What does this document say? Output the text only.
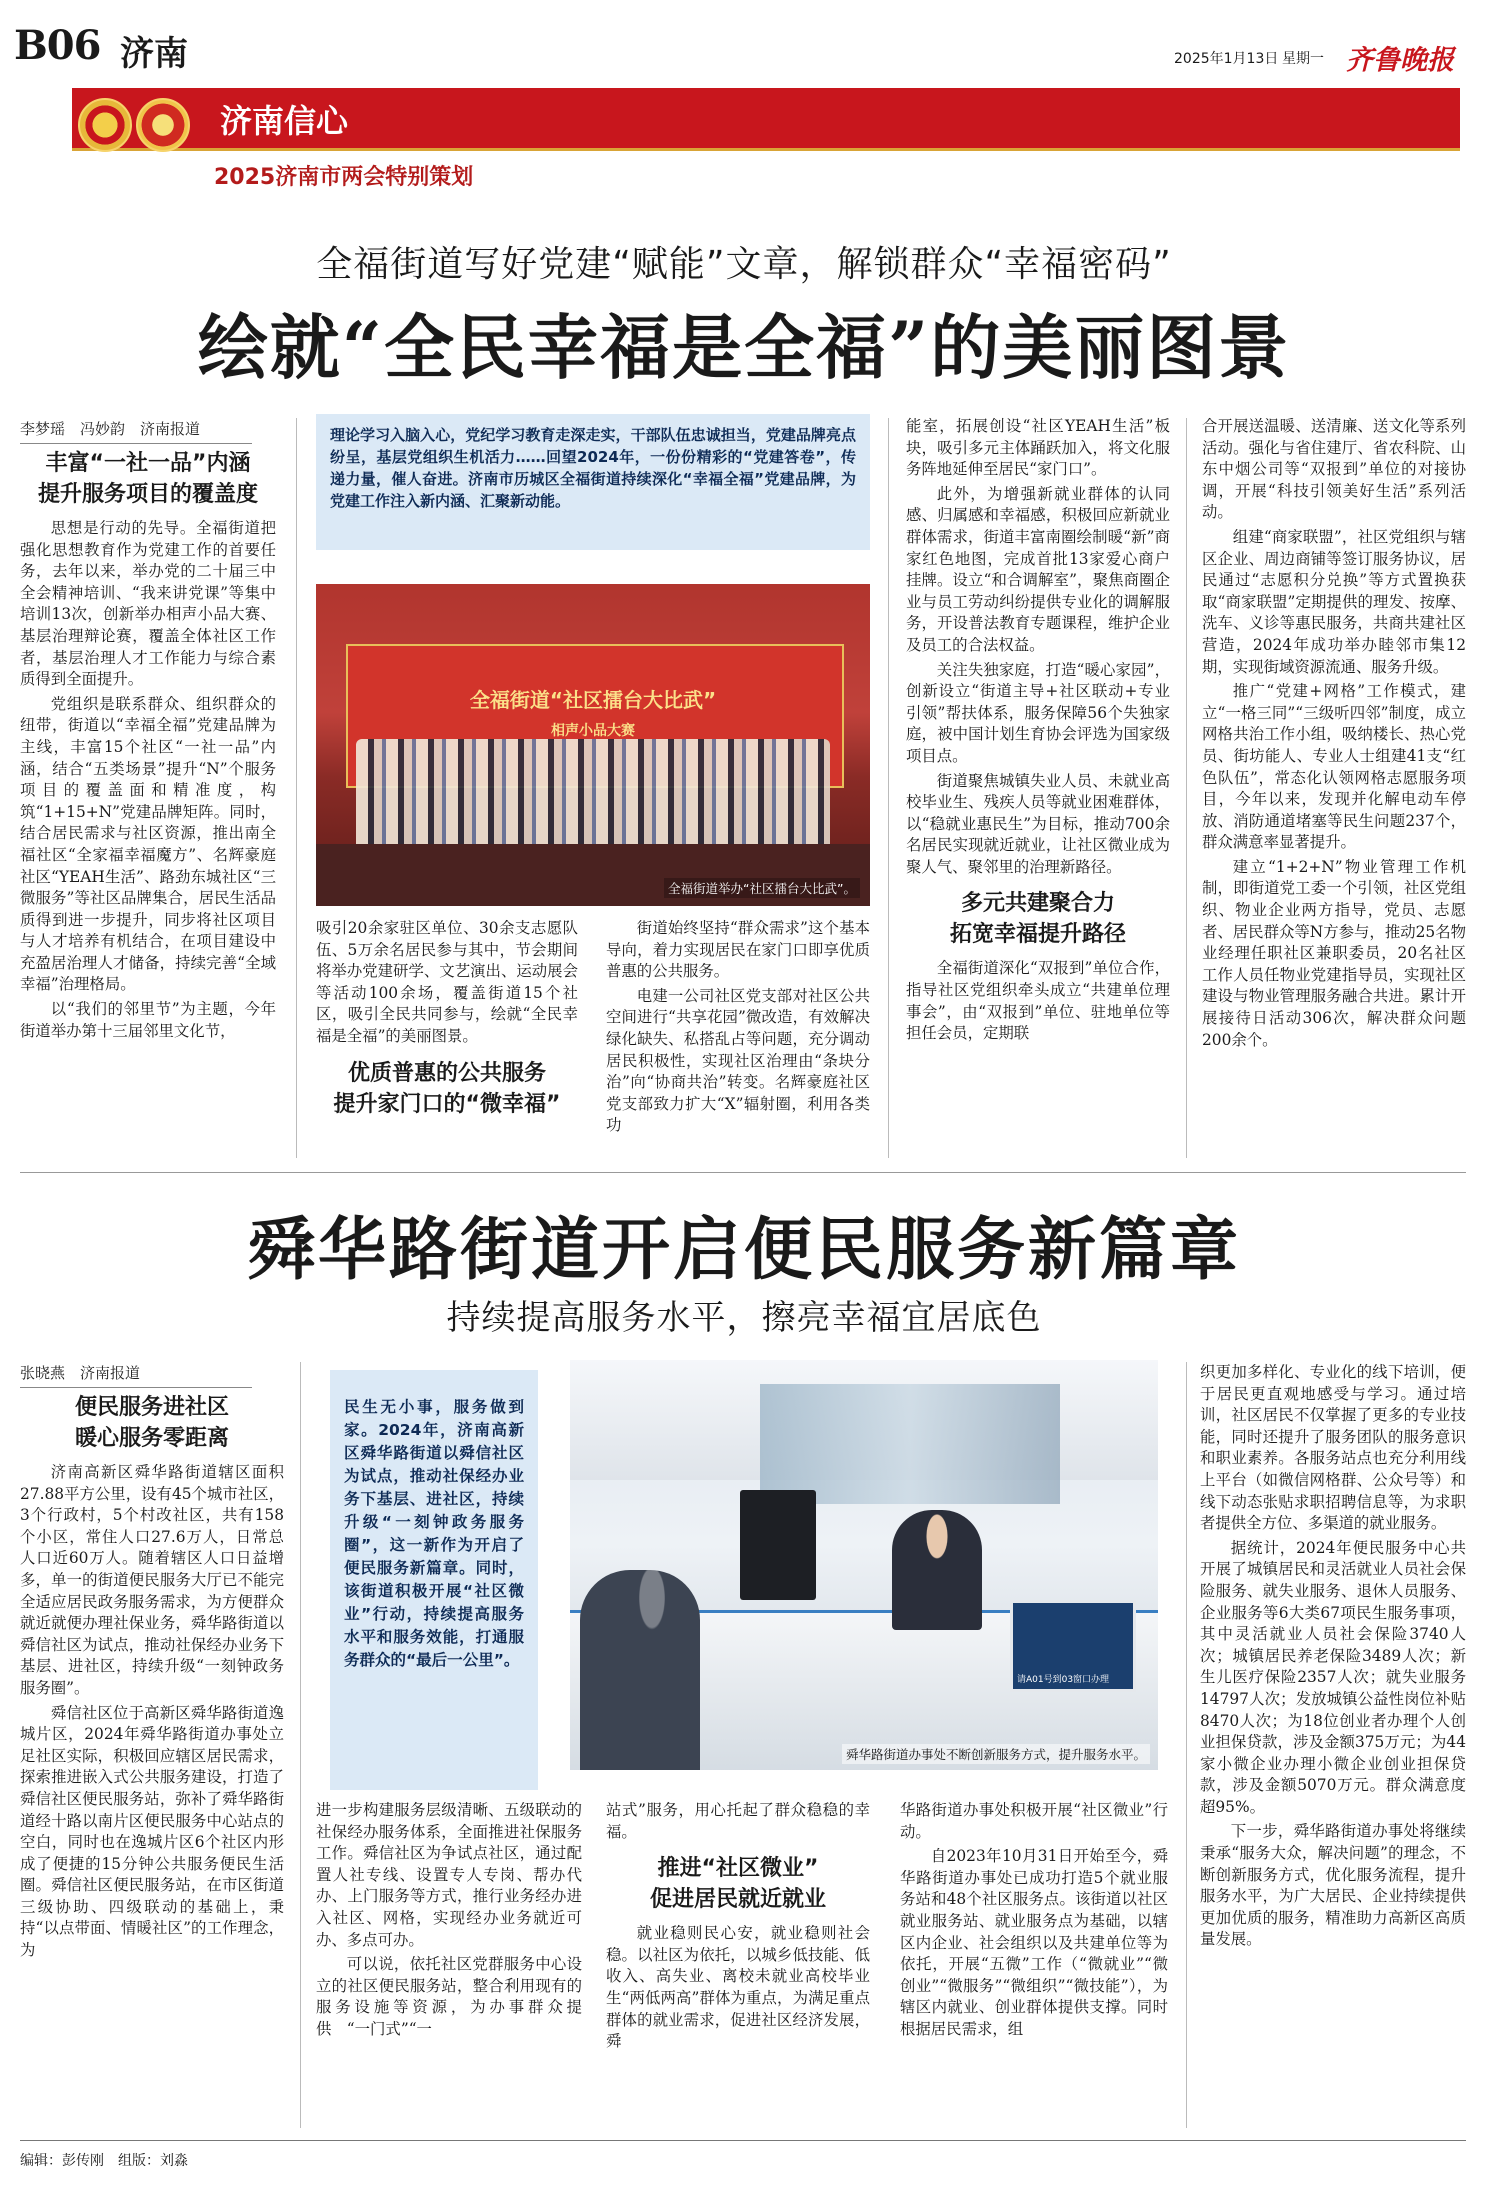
B06 济南	2025年1月13日 星期一 齐鲁晚报
济南信心
2025济南市两会特别策划
全福街道写好党建“赋能”文章，解锁群众“幸福密码”
绘就“全民幸福是全福”的美丽图景
李梦瑶　冯妙韵　济南报道	理论学习入脑入心，党纪学习教育走深走实，干部队伍忠诚担当，党建品牌亮点纷呈，基层党组织生机活力……回望2024年，一份份精彩的“党建答卷”，传递力量，催人奋进。济南市历城区全福街道持续深化“幸福全福”党建品牌，为党建工作注入新内涵、汇聚新动能。
全福街道“社区擂台大比武”
相声小品大赛
全福街道举办“社区擂台大比武”。
丰富“一社一品”内涵
提升服务项目的覆盖度

思想是行动的先导。全福街道把强化思想教育作为党建工作的首要任务，去年以来，举办党的二十届三中全会精神培训、“我来讲党课”等集中培训13次，创新举办相声小品大赛、基层治理辩论赛，覆盖全体社区工作者，基层治理人才工作能力与综合素质得到全面提升。

党组织是联系群众、组织群众的纽带，街道以“幸福全福”党建品牌为主线，丰富15个社区“一社一品”内涵，结合“五类场景”提升“N”个服务项目的覆盖面和精准度，构筑“1+15+N”党建品牌矩阵。同时，结合居民需求与社区资源，推出南全福社区“全家福幸福魔方”、名辉豪庭社区“YEAH生活”、路劲东城社区“三微服务”等社区品牌集合，居民生活品质得到进一步提升，同步将社区项目与人才培养有机结合，在项目建设中充盈居治理人才储备，持续完善“全域幸福”治理格局。

以“我们的邻里节”为主题，今年街道举办第十三届邻里文化节，

吸引20余家驻区单位、30余支志愿队伍、5万余名居民参与其中，节会期间将举办党建研学、文艺演出、运动展会等活动100余场，覆盖街道15个社区，吸引全民共同参与，绘就“全民幸福是全福”的美丽图景。

优质普惠的公共服务
提升家门口的“微幸福”

街道始终坚持“群众需求”这个基本导向，着力实现居民在家门口即享优质普惠的公共服务。

电建一公司社区党支部对社区公共空间进行“共享花园”微改造，有效解决绿化缺失、私搭乱占等问题，充分调动居民积极性，实现社区治理由“条块分治”向“协商共治”转变。名辉豪庭社区党支部致力扩大“X”辐射圈，利用各类功

能室，拓展创设“社区YEAH生活”板块，吸引多元主体踊跃加入，将文化服务阵地延伸至居民“家门口”。

此外，为增强新就业群体的认同感、归属感和幸福感，积极回应新就业群体需求，街道丰富南圈绘制暖“新”商家红色地图，完成首批13家爱心商户挂牌。设立“和合调解室”，聚焦商圈企业与员工劳动纠纷提供专业化的调解服务，开设普法教育专题课程，维护企业及员工的合法权益。

关注失独家庭，打造“暖心家园”，创新设立“街道主导+社区联动+专业引领”帮扶体系，服务保障56个失独家庭，被中国计划生育协会评选为国家级项目点。

街道聚焦城镇失业人员、未就业高校毕业生、残疾人员等就业困难群体，以“稳就业惠民生”为目标，推动700余名居民实现就近就业，让社区微业成为聚人气、聚邻里的治理新路径。

多元共建聚合力
拓宽幸福提升路径

全福街道深化“双报到”单位合作，指导社区党组织牵头成立“共建单位理事会”，由“双报到”单位、驻地单位等担任会员，定期联

合开展送温暖、送清廉、送文化等系列活动。强化与省住建厅、省农科院、山东中烟公司等“双报到”单位的对接协调，开展“科技引领美好生活”系列活动。

组建“商家联盟”，社区党组织与辖区企业、周边商铺等签订服务协议，居民通过“志愿积分兑换”等方式置换获取“商家联盟”定期提供的理发、按摩、洗车、义诊等惠民服务，共商共建社区营造，2024年成功举办睦邻市集12期，实现街域资源流通、服务升级。

推广“党建+网格”工作模式，建立“一格三同”“三级听四邻”制度，成立网格共治工作小组，吸纳楼长、热心党员、街坊能人、专业人士组建41支“红色队伍”，常态化认领网格志愿服务项目，今年以来，发现并化解电动车停放、消防通道堵塞等民生问题237个，群众满意率显著提升。

建立“1+2+N”物业管理工作机制，即街道党工委一个引领，社区党组织、物业企业两方指导，党员、志愿者、居民群众等N方参与，推动25名物业经理任职社区兼职委员，20名社区工作人员任物业党建指导员，实现社区建设与物业管理服务融合共进。累计开展接待日活动306次，解决群众问题200余个。

舜华路街道开启便民服务新篇章
持续提高服务水平，擦亮幸福宜居底色
张晓燕　济南报道
民生无小事，服务做到家。2024年，济南高新区舜华路街道以舜信社区为试点，推动社保经办业务下基层、进社区，持续升级“一刻钟政务服务圈”，这一新作为开启了便民服务新篇章。同时，该街道积极开展“社区微业”行动，持续提高服务水平和服务效能，打通服务群众的“最后一公里”。
请A01号到03窗口办理
舜华路街道办事处不断创新服务方式，提升服务水平。
便民服务进社区
暖心服务零距离

济南高新区舜华路街道辖区面积27.88平方公里，设有45个城市社区，3个行政村，5个村改社区，共有158个小区，常住人口27.6万人，日常总人口近60万人。随着辖区人口日益增多，单一的街道便民服务大厅已不能完全适应居民政务服务需求，为方便群众就近就便办理社保业务，舜华路街道以舜信社区为试点，推动社保经办业务下基层、进社区，持续升级“一刻钟政务服务圈”。

舜信社区位于高新区舜华路街道逸城片区，2024年舜华路街道办事处立足社区实际，积极回应辖区居民需求，探索推进嵌入式公共服务建设，打造了舜信社区便民服务站，弥补了舜华路街道经十路以南片区便民服务中心站点的空白，同时也在逸城片区6个社区内形成了便捷的15分钟公共服务便民生活圈。舜信社区便民服务站，在市区街道三级协助、四级联动的基础上，秉持“以点带面、情暖社区”的工作理念，为

进一步构建服务层级清晰、五级联动的社保经办服务体系，全面推进社保服务工作。舜信社区为争试点社区，通过配置人社专线、设置专人专岗、帮办代办、上门服务等方式，推行业务经办进入社区、网格，实现经办业务就近可办、多点可办。

可以说，依托社区党群服务中心设立的社区便民服务站，整合利用现有的服务设施等资源，为办事群众提供　“一门式”“一

站式”服务，用心托起了群众稳稳的幸福。

推进“社区微业”
促进居民就近就业

就业稳则民心安，就业稳则社会稳。以社区为依托，以城乡低技能、低收入、高失业、离校未就业高校毕业生“两低两高”群体为重点，为满足重点群体的就业需求，促进社区经济发展，舜

华路街道办事处积极开展“社区微业”行动。

自2023年10月31日开始至今，舜华路街道办事处已成功打造5个就业服务站和48个社区服务点。该街道以社区就业服务站、就业服务点为基础，以辖区内企业、社会组织以及共建单位等为依托，开展“五微”工作（“微就业”“微创业”“微服务”“微组织”“微技能”），为辖区内就业、创业群体提供支撑。同时根据居民需求，组

织更加多样化、专业化的线下培训，便于居民更直观地感受与学习。通过培训，社区居民不仅掌握了更多的专业技能，同时还提升了服务团队的服务意识和职业素养。各服务站点也充分利用线上平台（如微信网格群、公众号等）和线下动态张贴求职招聘信息等，为求职者提供全方位、多渠道的就业服务。

据统计，2024年便民服务中心共开展了城镇居民和灵活就业人员社会保险服务、就失业服务、退休人员服务、企业服务等6大类67项民生服务事项，其中灵活就业人员社会保险3740人次；城镇居民养老保险3489人次；新生儿医疗保险2357人次；就失业服务14797人次；发放城镇公益性岗位补贴8470人次；为18位创业者办理个人创业担保贷款，涉及金额375万元；为44家小微企业办理小微企业创业担保贷款，涉及金额5070万元。群众满意度超95%。

下一步，舜华路街道办事处将继续秉承“服务大众，解决问题”的理念，不断创新服务方式，优化服务流程，提升服务水平，为广大居民、企业持续提供更加优质的服务，精准助力高新区高质量发展。

编辑：彭传刚　组版：刘淼
